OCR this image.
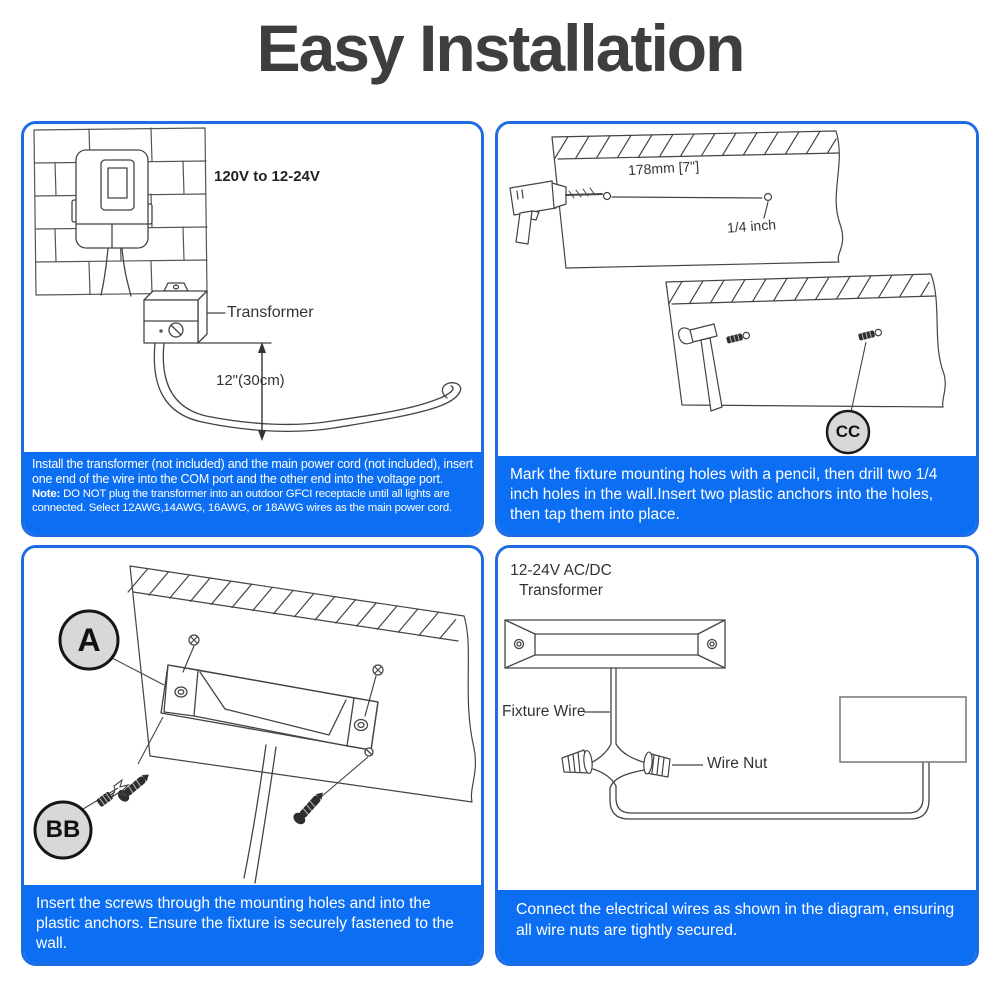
Easy Installation
120V to 12-24V
Transformer
12"(30cm)

Install the transformer (not included) and the main power cord (not included), insert one end of the wire into the COM port and the other end into the voltage port.

Note: DO NOT plug the transformer into an outdoor GFCI receptacle until all lights are connected. Select 12AWG,14AWG, 16AWG, or 18AWG wires as the main power cord.

178mm [7"]
1/4 inch
CC

Mark the fixture mounting holes with a pencil, then drill two 1/4 inch holes in the wall.Insert two plastic anchors into the holes, then tap them into place.

A
BB

Insert the screws through the mounting holes and into the plastic anchors. Ensure the fixture is securely fastened to the wall.

Fixture Wire
Wire Nut
12-24V AC/DC Transformer

Connect the electrical wires as shown in the diagram, ensuring all wire nuts are tightly secured.
